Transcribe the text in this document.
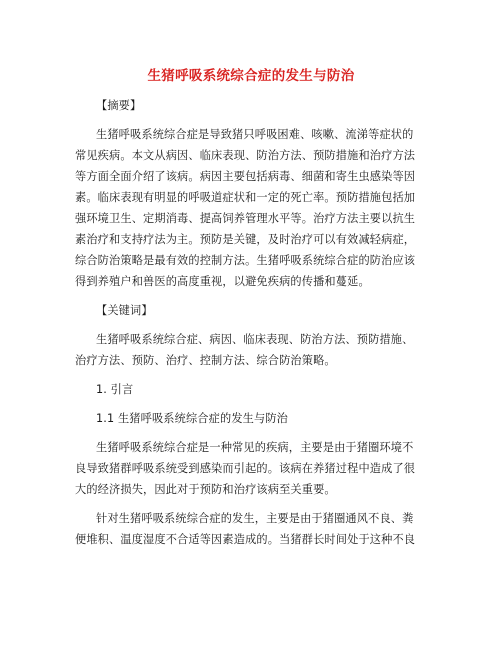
生猪呼吸系统综合症的发生与防治
【摘要】
生猪呼吸系统综合症是导致猪只呼吸困难、咳嗽、流涕等症状的
常见疾病。本文从病因、临床表现、防治方法、预防措施和治疗方法
等方面全面介绍了该病。病因主要包括病毒、细菌和寄生虫感染等因
素。临床表现有明显的呼吸道症状和一定的死亡率。预防措施包括加
强环境卫生、定期消毒、提高饲养管理水平等。治疗方法主要以抗生
素治疗和支持疗法为主。预防是关键，及时治疗可以有效减轻病症，
综合防治策略是最有效的控制方法。生猪呼吸系统综合症的防治应该
得到养殖户和兽医的高度重视，以避免疾病的传播和蔓延。
【关键词】
生猪呼吸系统综合症、病因、临床表现、防治方法、预防措施、
治疗方法、预防、治疗、控制方法、综合防治策略。
1. 引言
1.1 生猪呼吸系统综合症的发生与防治
生猪呼吸系统综合症是一种常见的疾病，主要是由于猪圈环境不
良导致猪群呼吸系统受到感染而引起的。该病在养猪过程中造成了很
大的经济损失，因此对于预防和治疗该病至关重要。
针对生猪呼吸系统综合症的发生，主要是由于猪圈通风不良、粪
便堆积、温度湿度不合适等因素造成的。当猪群长时间处于这种不良
